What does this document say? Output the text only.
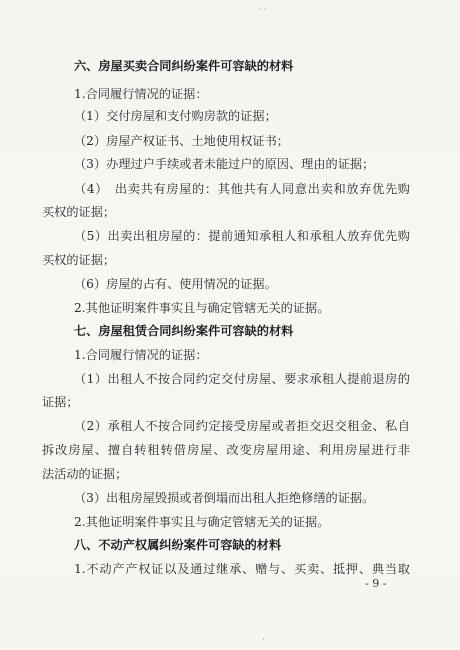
· ·
·
六、房屋买卖合同纠纷案件可容缺的材料
1.合同履行情况的证据：
（1）交付房屋和支付购房款的证据；
（2）房屋产权证书、土地使用权证书；
（3）办理过户手续或者未能过户的原因、理由的证据；
（4）　出卖共有房屋的：其他共有人同意出卖和放弃优先购
买权的证据；
（5）出卖出租房屋的：提前通知承租人和承租人放弃优先购
买权的证据；
（6）房屋的占有、使用情况的证据。
2.其他证明案件事实且与确定管辖无关的证据。
七、房屋租赁合同纠纷案件可容缺的材料
1.合同履行情况的证据：
（1）出租人不按合同约定交付房屋、要求承租人提前退房的
证据；
（2）承租人不按合同约定接受房屋或者拒交迟交租金、私自
拆改房屋、擅自转租转借房屋、改变房屋用途、利用房屋进行非
法活动的证据；
（3）出租房屋毁损或者倒塌而出租人拒绝修缮的证据。
2.其他证明案件事实且与确定管辖无关的证据。
八、不动产权属纠纷案件可容缺的材料
1.不动产产权证以及通过继承、赠与、买卖、抵押、典当取
- 9 -
